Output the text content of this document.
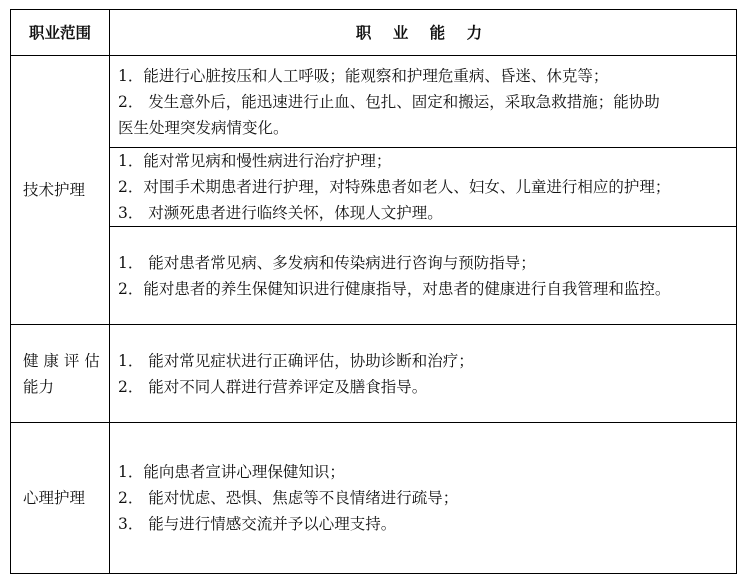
职业范围	职 业 能 力
技术护理	1．能进行心脏按压和人工呼吸；能观察和护理危重病、昏迷、休克等；
2． 发生意外后，能迅速进行止血、包扎、固定和搬运，采取急救措施；能协助
医生处理突发病情变化。

	1．能对常见病和慢性病进行治疗护理；
2．对围手术期患者进行护理，对特殊患者如老人、妇女、儿童进行相应的护理；
3． 对濒死患者进行临终关怀，体现人文护理。

	1． 能对患者常见病、多发病和传染病进行咨询与预防指导；
2．能对患者的养生保健知识进行健康指导，对患者的健康进行自我管理和监控。

健 康 评 估
能力	1． 能对常见症状进行正确评估，协助诊断和治疗；
2． 能对不同人群进行营养评定及膳食指导。

心理护理	1．能向患者宣讲心理保健知识；
2． 能对忧虑、恐惧、焦虑等不良情绪进行疏导；
3． 能与进行情感交流并予以心理支持。
